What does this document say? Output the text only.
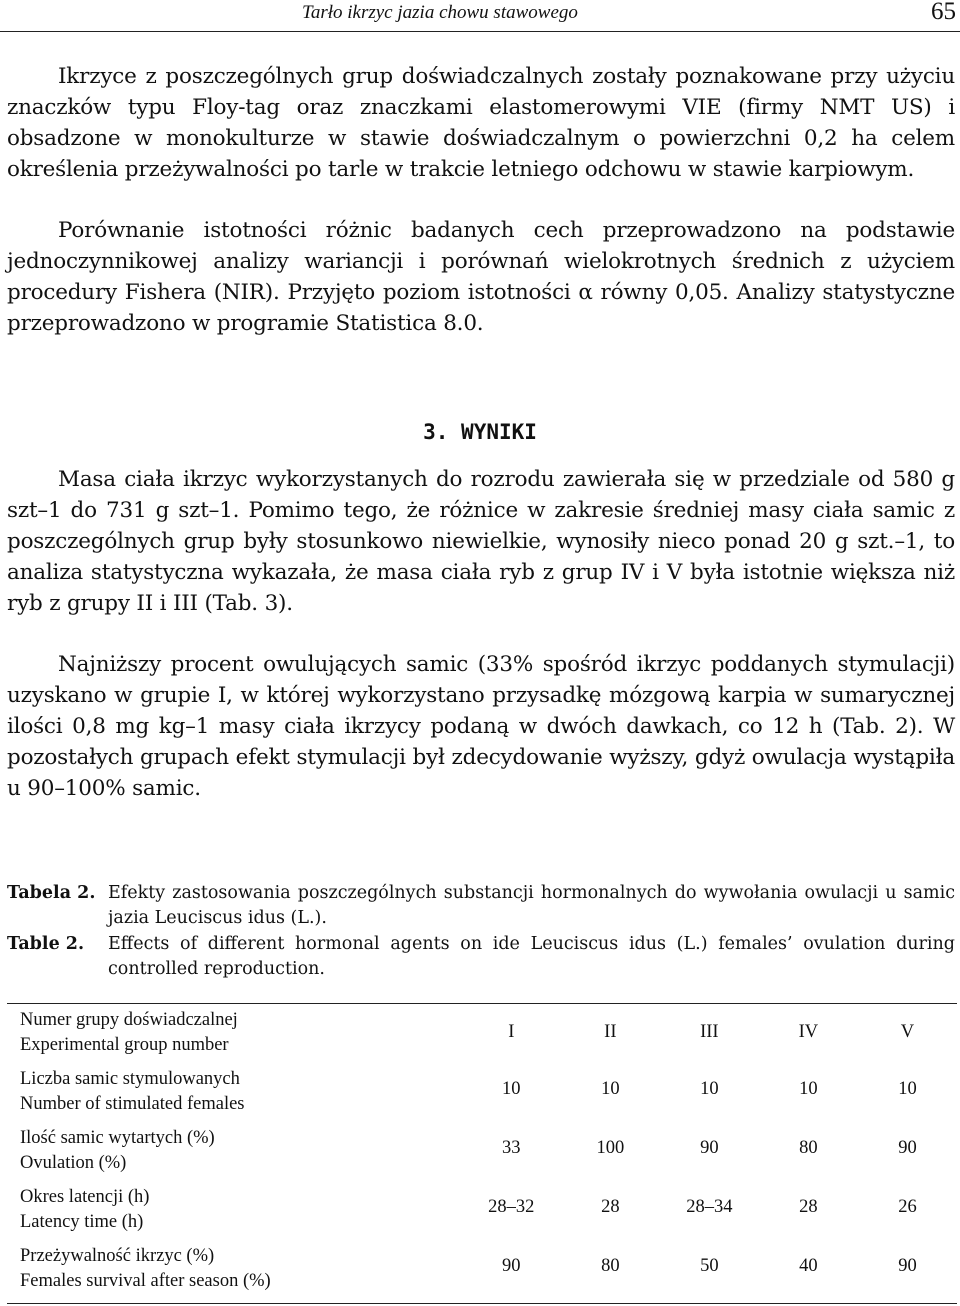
Tarło ikrzyc jazia chowu stawowego	65

Ikrzyce z poszczególnych grup doświadczalnych zostały poznakowane przy użyciu znaczków typu Floy-tag oraz znaczkami elastomerowymi VIE (firmy NMT US) i obsadzone w monokulturze w stawie doświadczalnym o powierzchni 0,2 ha celem określenia przeżywalności po tarle w trakcie letniego odchowu w stawie karpiowym.

Porównanie istotności różnic badanych cech przeprowadzono na podstawie jednoczynnikowej analizy wariancji i porównań wielokrotnych średnich z użyciem procedury Fishera (NIR). Przyjęto poziom istotności α równy 0,05. Analizy statystyczne przeprowadzono w programie Statistica 8.0.

3. WYNIKI

Masa ciała ikrzyc wykorzystanych do rozrodu zawierała się w przedziale od 580 g szt–1 do 731 g szt–1. Pomimo tego, że różnice w zakresie średniej masy ciała samic z poszczególnych grup były stosunkowo niewielkie, wynosiły nieco ponad 20 g szt.–1, to analiza statystyczna wykazała, że masa ciała ryb z grup IV i V była istotnie większa niż ryb z grupy II i III (Tab. 3).

Najniższy procent owulujących samic (33% spośród ikrzyc poddanych stymulacji) uzyskano w grupie I, w której wykorzystano przysadkę mózgową karpia w sumarycznej ilości 0,8 mg kg–1 masy ciała ikrzycy podaną w dwóch dawkach, co 12 h (Tab. 2). W pozostałych grupach efekt stymulacji był zdecydowanie wyższy, gdyż owulacja wystąpiła u 90–100% samic.

Tabela 2. Efekty zastosowania poszczególnych substancji hormonalnych do wywołania owulacji u samic jazia Leuciscus idus (L.).
Table 2.	Effects of different hormonal agents on ide Leuciscus idus (L.) females’ ovulation during controlled reproduction.
Numer grupy doświadczalnej
Experimental group number	I	II	III	IV	V

Liczba samic stymulowanych
Number of stimulated females	10	10	10	10	10

Ilość samic wytartych (%)
Ovulation (%)	33	100	90	80	90

Okres latencji (h)
Latency time (h)	28–32	28	28–34	28	26

Przeżywalność ikrzyc (%)
Females survival after season (%)	90	80	50	40	90
